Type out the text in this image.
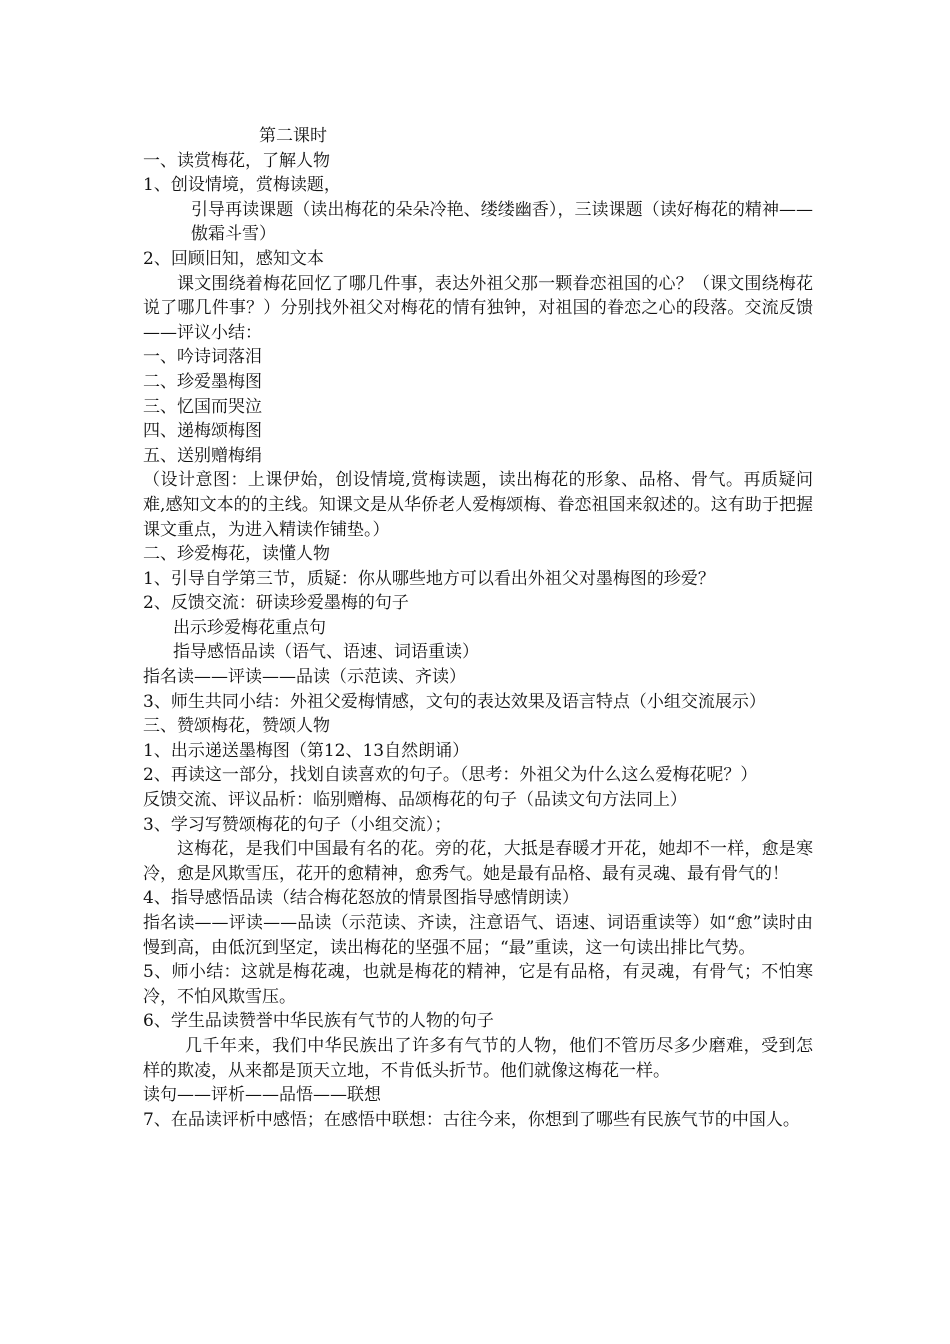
第二课时
一、读赏梅花，了解人物
1、创设情境，赏梅读题，
引导再读课题（读出梅花的朵朵冷艳、缕缕幽香），三读课题（读好梅花的精神——傲霜斗雪）
2、回顾旧知，感知文本
课文围绕着梅花回忆了哪几件事，表达外祖父那一颗眷恋祖国的心？（课文围绕梅花说了哪几件事？）分别找外祖父对梅花的情有独钟，对祖国的眷恋之心的段落。交流反馈——评议小结：
一、吟诗词落泪
二、珍爱墨梅图
三、忆国而哭泣
四、递梅颂梅图
五、送别赠梅绢
（设计意图：上课伊始，创设情境,赏梅读题，读出梅花的形象、品格、骨气。再质疑问难,感知文本的的主线。知课文是从华侨老人爱梅颂梅、眷恋祖国来叙述的。这有助于把握课文重点，为进入精读作铺垫。）
二、珍爱梅花，读懂人物
1、引导自学第三节，质疑：你从哪些地方可以看出外祖父对墨梅图的珍爱？
2、反馈交流：研读珍爱墨梅的句子
出示珍爱梅花重点句
指导感悟品读（语气、语速、词语重读）
指名读——评读——品读（示范读、齐读）
3、师生共同小结：外祖父爱梅情感，文句的表达效果及语言特点（小组交流展示）
三、赞颂梅花，赞颂人物
1、出示递送墨梅图（第12、13自然朗诵）
2、再读这一部分，找划自读喜欢的句子。（思考：外祖父为什么这么爱梅花呢？）
反馈交流、评议品析：临别赠梅、品颂梅花的句子（品读文句方法同上）
3、学习写赞颂梅花的句子（小组交流）；
这梅花，是我们中国最有名的花。旁的花，大抵是春暖才开花，她却不一样，愈是寒冷，愈是风欺雪压，花开的愈精神，愈秀气。她是最有品格、最有灵魂、最有骨气的！
4、指导感悟品读（结合梅花怒放的情景图指导感情朗读）
指名读——评读——品读（示范读、齐读，注意语气、语速、词语重读等）如“愈”读时由慢到高，由低沉到坚定，读出梅花的坚强不屈；“最”重读，这一句读出排比气势。
5、师小结：这就是梅花魂，也就是梅花的精神，它是有品格，有灵魂，有骨气；不怕寒冷，不怕风欺雪压。
6、学生品读赞誉中华民族有气节的人物的句子
几千年来，我们中华民族出了许多有气节的人物，他们不管历尽多少磨难，受到怎样的欺凌，从来都是顶天立地，不肯低头折节。他们就像这梅花一样。
读句——评析——品悟——联想
7、在品读评析中感悟；在感悟中联想：古往今来，你想到了哪些有民族气节的中国人。
